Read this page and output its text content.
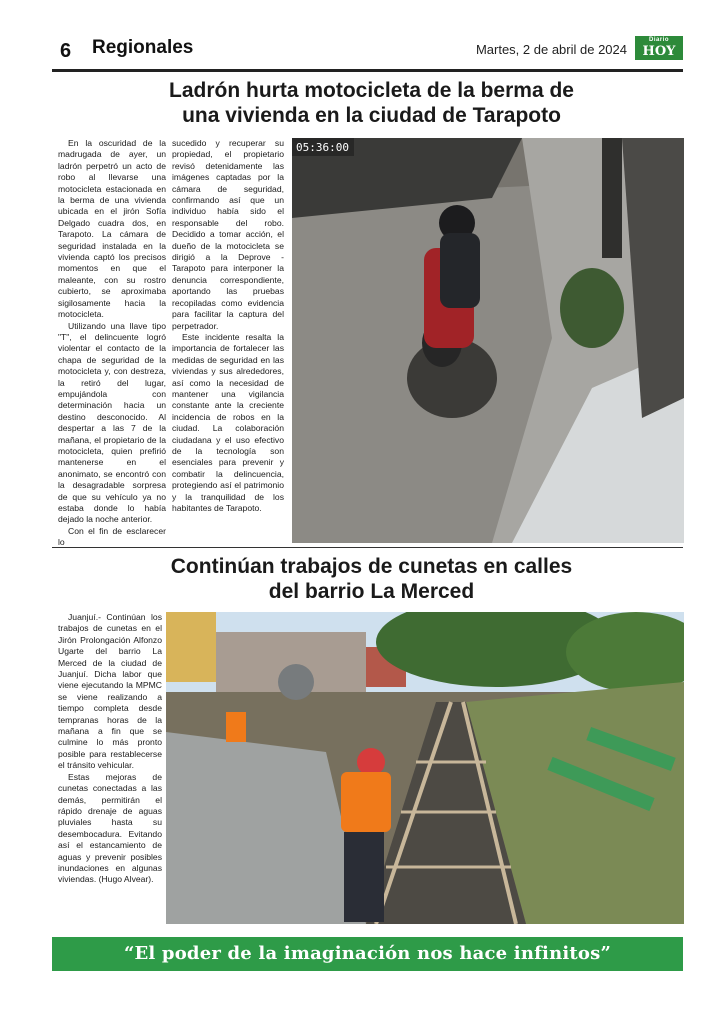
6 Regionales	Martes, 2 de abril de 2024
Diario
HOY
Ladrón hurta motocicleta de la berma de
una vivienda en la ciudad de Tarapoto

En la oscuridad de la madrugada de ayer, un ladrón perpetró un acto de robo al llevarse una motocicleta estacionada en la berma de una vivienda ubicada en el jirón Sofía Delgado cuadra dos, en Tarapoto. La cámara de seguridad instalada en la vivienda captó los precisos momentos en que el maleante, con su rostro cubierto, se aproximaba sigilosamente hacia la motocicleta.

Utilizando una llave tipo "T", el delincuente logró violentar el contacto de la chapa de seguridad de la motocicleta y, con destreza, la retiró del lugar, empujándola con determinación hacia un destino desconocido. Al despertar a las 7 de la mañana, el propietario de la motocicleta, quien prefirió mantenerse en el anonimato, se encontró con la desagradable sorpresa de que su vehículo ya no estaba donde lo había dejado la noche anterior.

Con el fin de esclarecer lo

sucedido y recuperar su propiedad, el propietario revisó detenidamente las imágenes captadas por la cámara de seguridad, confirmando así que un individuo había sido el responsable del robo. Decidido a tomar acción, el dueño de la motocicleta se dirigió a la Deprove - Tarapoto para interponer la denuncia correspondiente, aportando las pruebas recopiladas como evidencia para facilitar la captura del perpetrador.

Este incidente resalta la importancia de fortalecer las medidas de seguridad en las viviendas y sus alrededores, así como la necesidad de mantener una vigilancia constante ante la creciente incidencia de robos en la ciudad. La colaboración ciudadana y el uso efectivo de la tecnología son esenciales para prevenir y combatir la delincuencia, protegiendo así el patrimonio y la tranquilidad de los habitantes de Tarapoto.

05:36:00
Continúan trabajos de cunetas en calles
del barrio La Merced

Juanjuí.- Continúan los trabajos de cunetas en el Jirón Prolongación Alfonzo Ugarte del barrio La Merced de la ciudad de Juanjuí. Dicha labor que viene ejecutando la MPMC se viene realizando a tiempo completa desde tempranas horas de la mañana a fin que se culmine lo más pronto posible para restablecerse el tránsito vehicular.

Estas mejoras de cunetas conectadas a las demás, permitirán el rápido drenaje de aguas pluviales hasta su desembocadura. Evitando así el estancamiento de aguas y prevenir posibles inundaciones en algunas viviendas. (Hugo Alvear).

“El poder de la imaginación nos hace infinitos”
